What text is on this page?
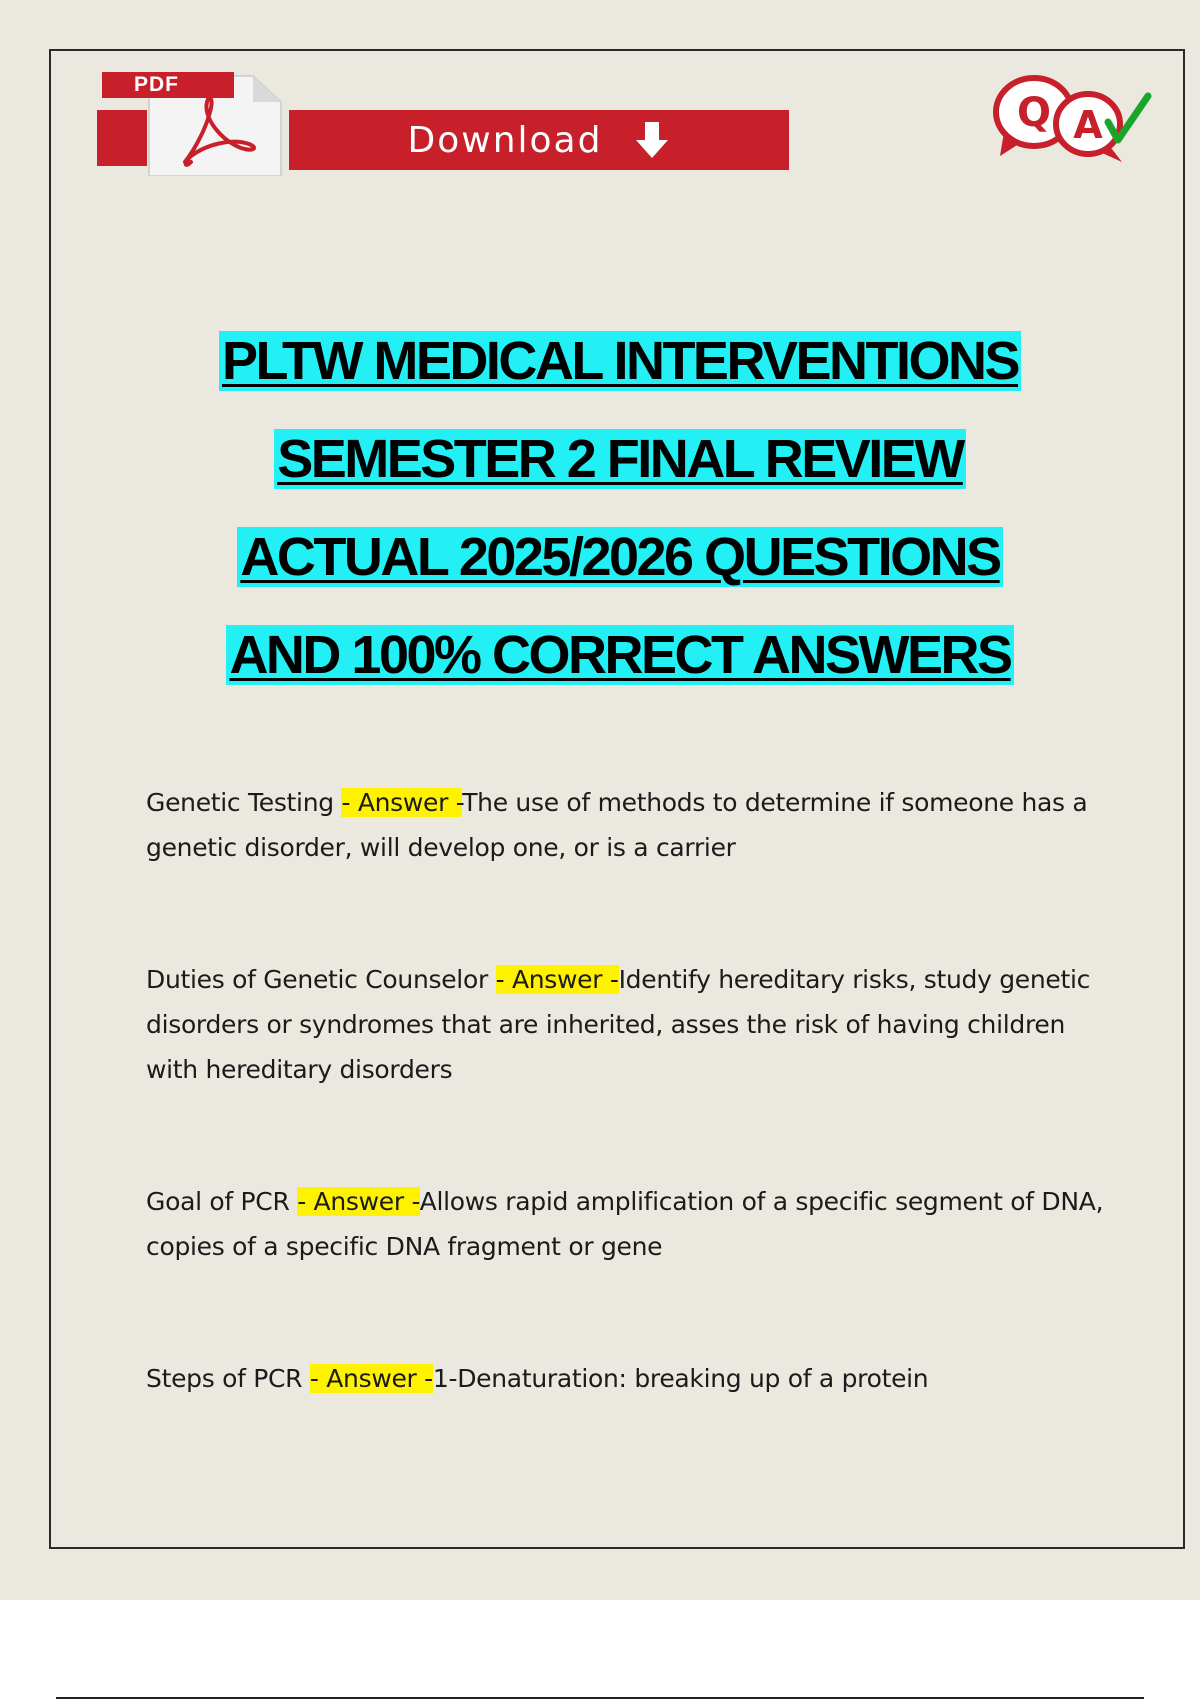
PDF
Download
Q A
PLTW MEDICAL INTERVENTIONS
SEMESTER 2 FINAL REVIEW
ACTUAL 2025/2026 QUESTIONS
AND 100% CORRECT ANSWERS
Genetic Testing - Answer -The use of methods to determine if someone has a genetic disorder, will develop one, or is a carrier
Duties of Genetic Counselor - Answer -Identify hereditary risks, study genetic disorders or syndromes that are inherited, asses the risk of having children with hereditary disorders
Goal of PCR - Answer -Allows rapid amplification of a specific segment of DNA, copies of a specific DNA fragment or gene
Steps of PCR - Answer -1-Denaturation: breaking up of a protein
